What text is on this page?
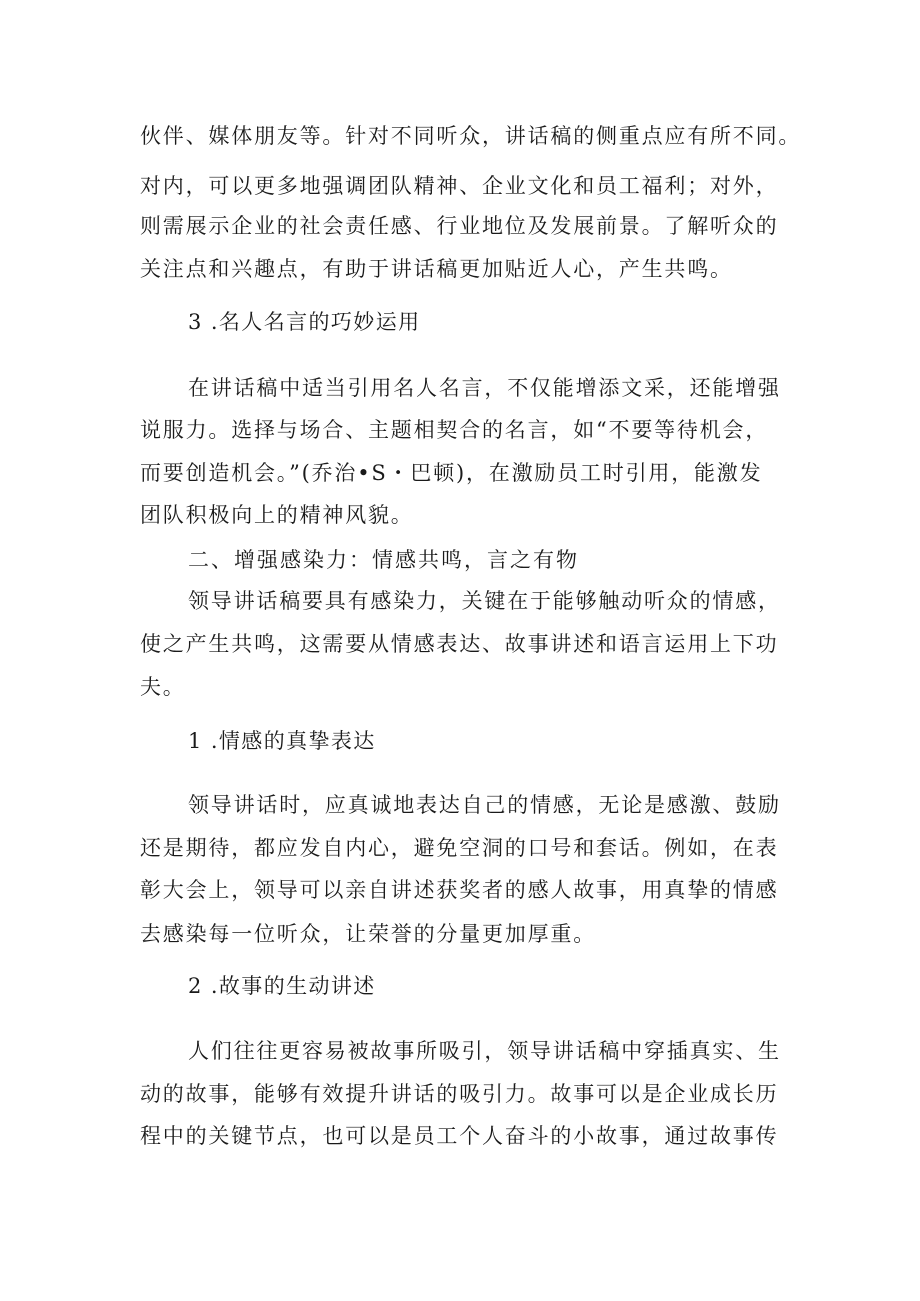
伙伴、媒体朋友等。针对不同听众，讲话稿的侧重点应有所不同。
对内，可以更多地强调团队精神、企业文化和员工福利；对外，
则需展示企业的社会责任感、行业地位及发展前景。了解听众的
关注点和兴趣点，有助于讲话稿更加贴近人心，产生共鸣。
3 .名人名言的巧妙运用
在讲话稿中适当引用名人名言，不仅能增添文采，还能增强
说服力。选择与场合、主题相契合的名言，如“不要等待机会，
而要创造机会。”(乔治•S・巴顿)，在激励员工时引用，能激发
团队积极向上的精神风貌。
二、增强感染力：情感共鸣，言之有物
领导讲话稿要具有感染力，关键在于能够触动听众的情感，
使之产生共鸣，这需要从情感表达、故事讲述和语言运用上下功
夫。
1 .情感的真挚表达
领导讲话时，应真诚地表达自己的情感，无论是感激、鼓励
还是期待，都应发自内心，避免空洞的口号和套话。例如，在表
彰大会上，领导可以亲自讲述获奖者的感人故事，用真挚的情感
去感染每一位听众，让荣誉的分量更加厚重。
2 .故事的生动讲述
人们往往更容易被故事所吸引，领导讲话稿中穿插真实、生
动的故事，能够有效提升讲话的吸引力。故事可以是企业成长历
程中的关键节点，也可以是员工个人奋斗的小故事，通过故事传
